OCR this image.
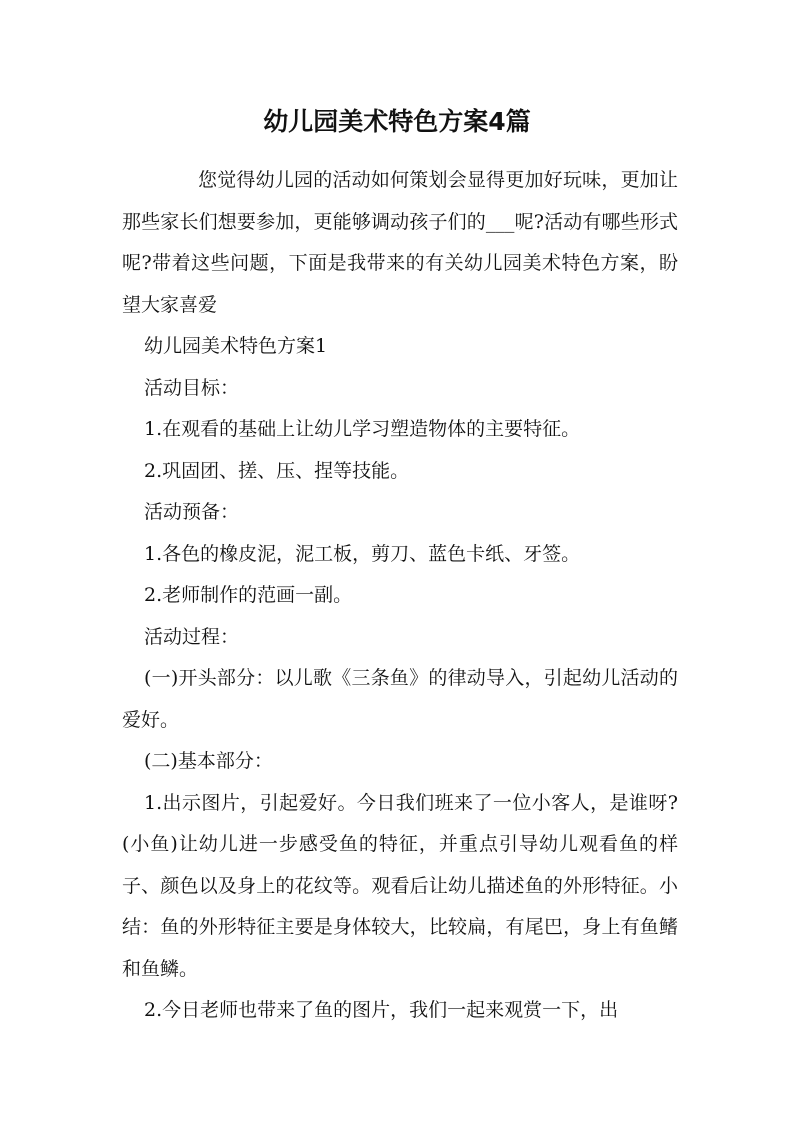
幼儿园美术特色方案4篇

您觉得幼儿园的活动如何策划会显得更加好玩味，更加让那些家长们想要参加，更能够调动孩子们的___呢?活动有哪些形式呢?带着这些问题，下面是我带来的有关幼儿园美术特色方案，盼望大家喜爱

幼儿园美术特色方案1

活动目标：

1.在观看的基础上让幼儿学习塑造物体的主要特征。

2.巩固团、搓、压、捏等技能。

活动预备：

1.各色的橡皮泥，泥工板，剪刀、蓝色卡纸、牙签。

2.老师制作的范画一副。

活动过程：

(一)开头部分：以儿歌《三条鱼》的律动导入，引起幼儿活动的爱好。

(二)基本部分：

1.出示图片，引起爱好。今日我们班来了一位小客人，是谁呀?(小鱼)让幼儿进一步感受鱼的特征，并重点引导幼儿观看鱼的样子、颜色以及身上的花纹等。观看后让幼儿描述鱼的外形特征。小结：鱼的外形特征主要是身体较大，比较扁，有尾巴，身上有鱼鳍和鱼鳞。

2.今日老师也带来了鱼的图片，我们一起来观赏一下，出
